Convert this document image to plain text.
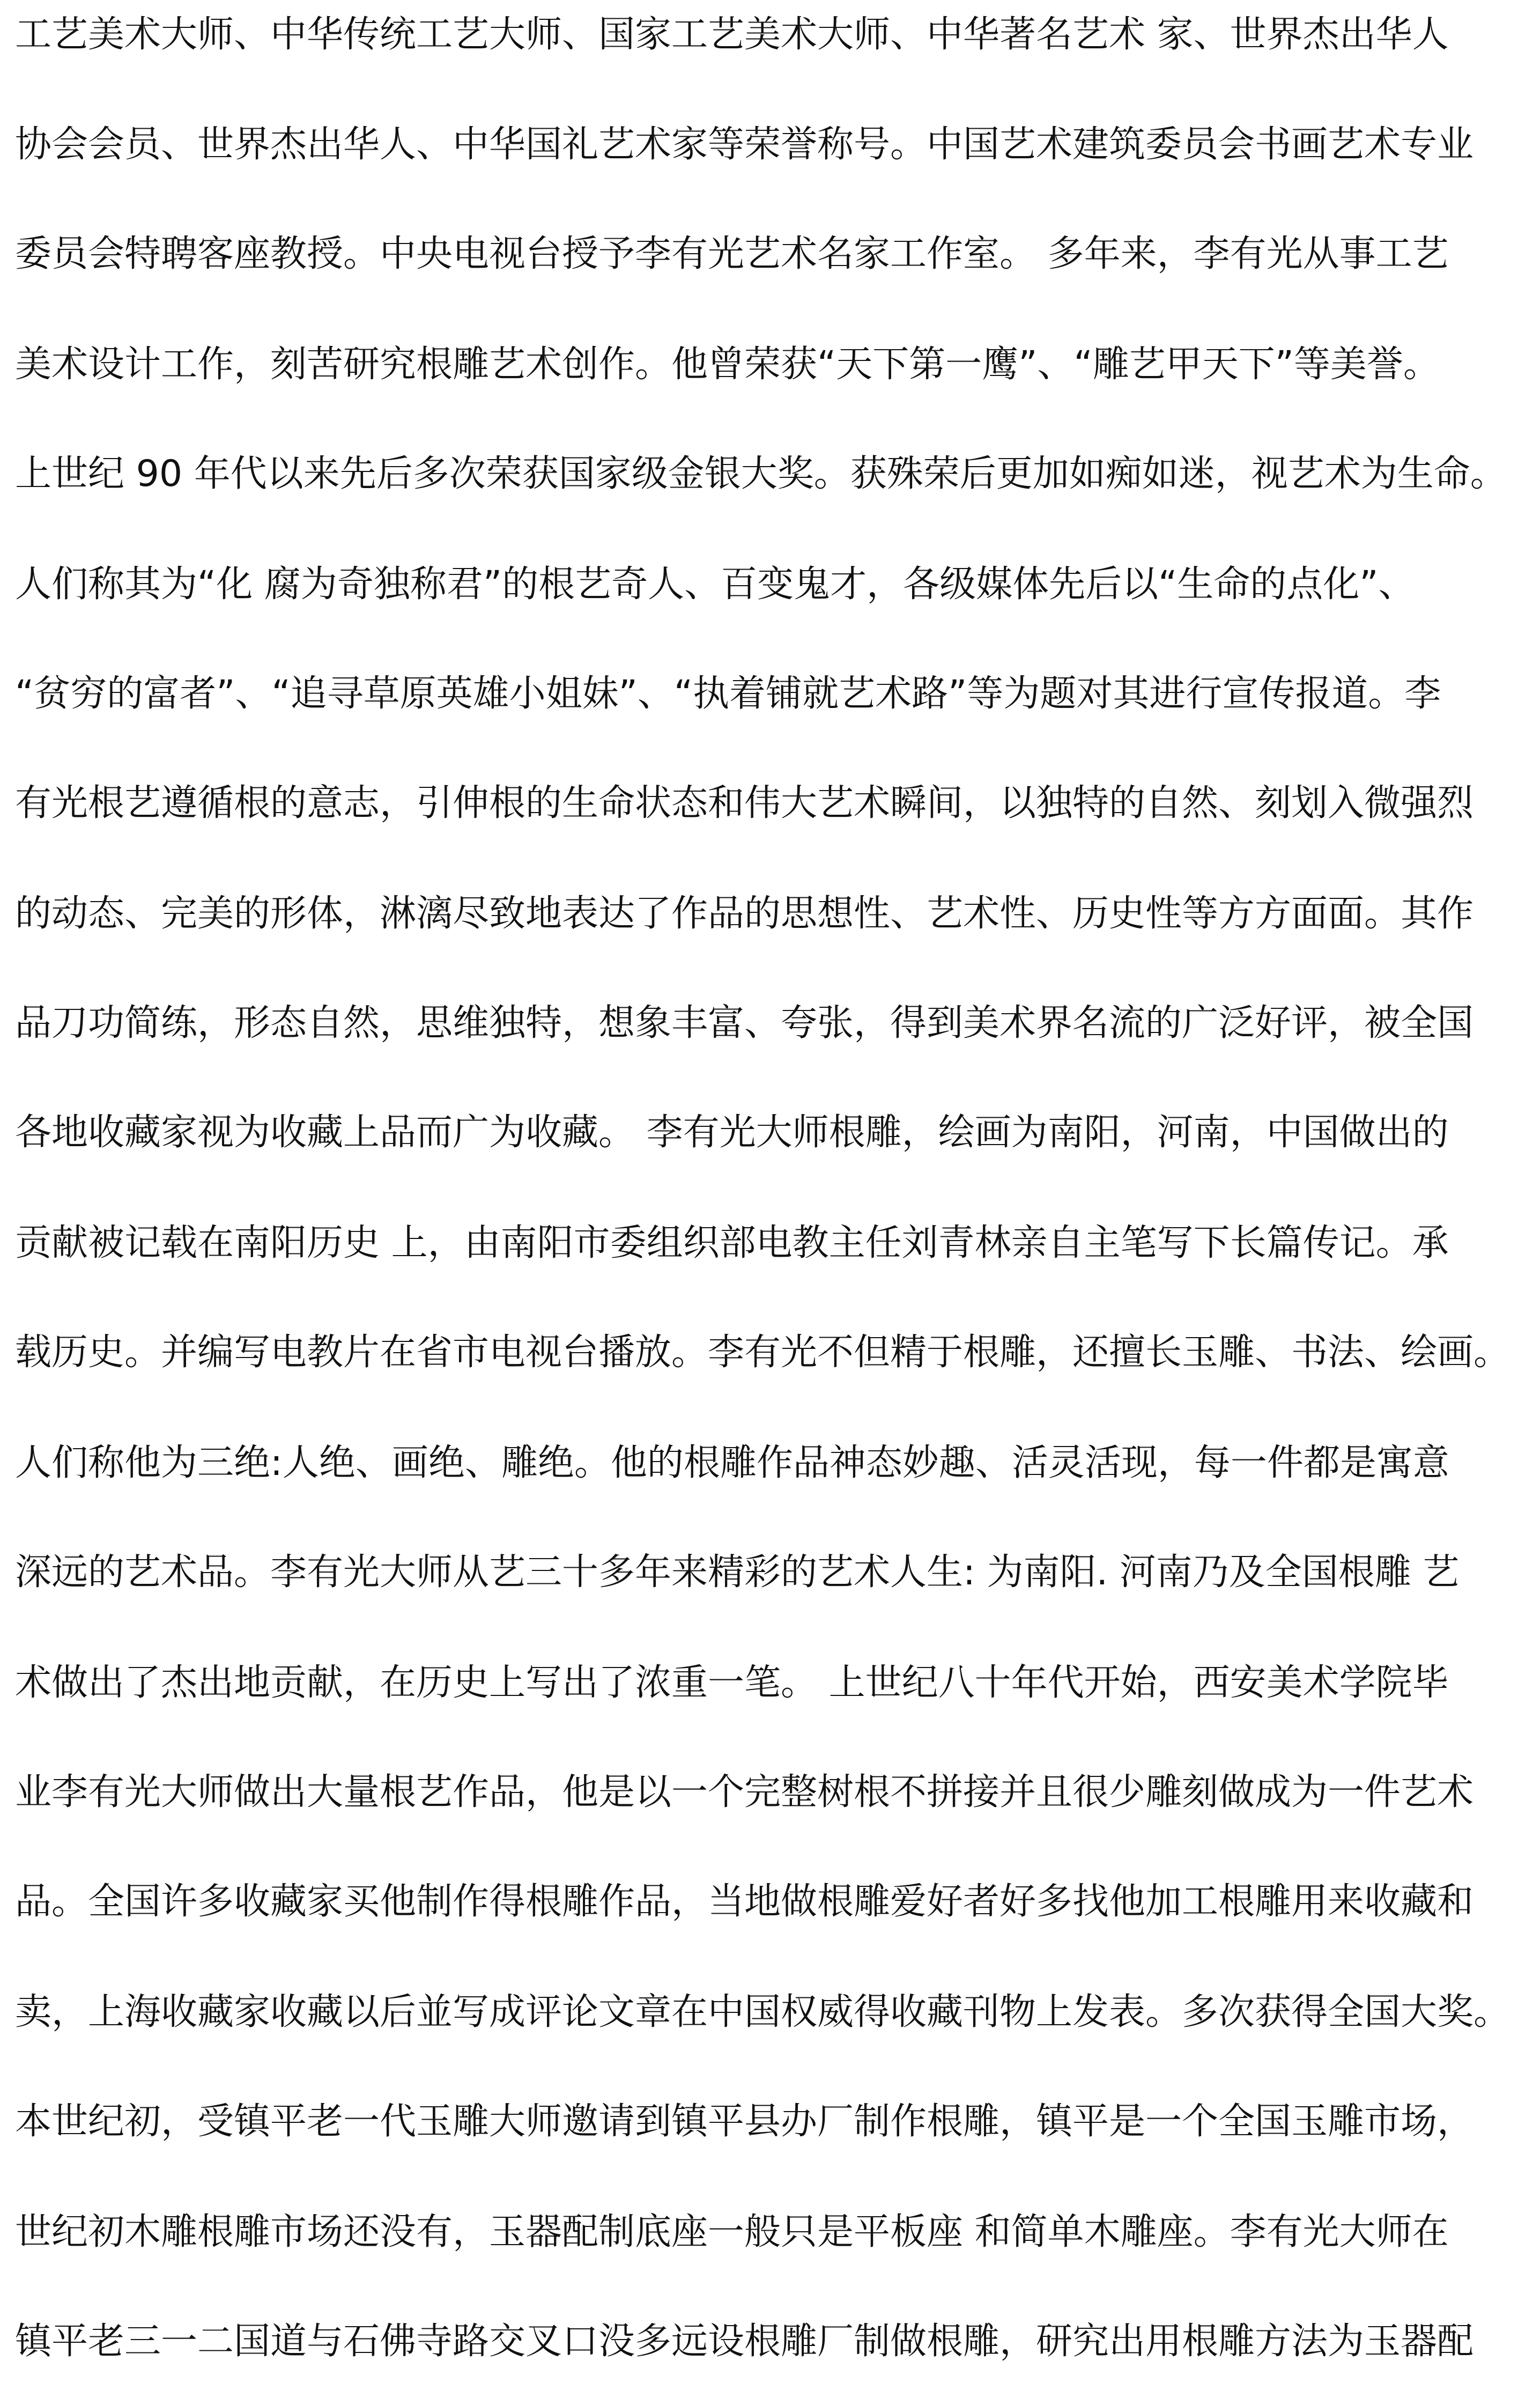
工艺美术大师、中华传统工艺大师、国家工艺美术大师、中华著名艺术 家、世界杰出华人
协会会员、世界杰出华人、中华国礼艺术家等荣誉称号。中国艺术建筑委员会书画艺术专业
委员会特聘客座教授。中央电视台授予李有光艺术名家工作室。 多年来，李有光从事工艺
美术设计工作，刻苦研究根雕艺术创作。他曾荣获“天下第一鹰”、“雕艺甲天下”等美誉。
上世纪 90 年代以来先后多次荣获国家级金银大奖。获殊荣后更加如痴如迷，视艺术为生命。
人们称其为“化 腐为奇独称君”的根艺奇人、百变鬼才，各级媒体先后以“生命的点化”、
“贫穷的富者”、“追寻草原英雄小姐妹”、“执着铺就艺术路”等为题对其进行宣传报道。李
有光根艺遵循根的意志，引伸根的生命状态和伟大艺术瞬间，以独特的自然、刻划入微强烈
的动态、完美的形体，淋漓尽致地表达了作品的思想性、艺术性、历史性等方方面面。其作
品刀功简练，形态自然，思维独特，想象丰富、夸张，得到美术界名流的广泛好评，被全国
各地收藏家视为收藏上品而广为收藏。 李有光大师根雕，绘画为南阳，河南，中国做出的
贡献被记载在南阳历史 上，由南阳市委组织部电教主任刘青林亲自主笔写下长篇传记。承
载历史。并编写电教片在省市电视台播放。李有光不但精于根雕，还擅长玉雕、书法、绘画。
人们称他为三绝:人绝、画绝、雕绝。他的根雕作品神态妙趣、活灵活现，每一件都是寓意
深远的艺术品。李有光大师从艺三十多年来精彩的艺术人生: 为南阳. 河南乃及全国根雕 艺
术做出了杰出地贡献，在历史上写出了浓重一笔。 上世纪八十年代开始，西安美术学院毕
业李有光大师做出大量根艺作品，他是以一个完整树根不拼接并且很少雕刻做成为一件艺术
品。全国许多收藏家买他制作得根雕作品，当地做根雕爱好者好多找他加工根雕用来收藏和
卖，上海收藏家收藏以后並写成评论文章在中国权威得收藏刊物上发表。多次获得全国大奖。
本世纪初，受镇平老一代玉雕大师邀请到镇平县办厂制作根雕，镇平是一个全国玉雕市场，
世纪初木雕根雕市场还没有，玉器配制底座一般只是平板座 和简单木雕座。李有光大师在
镇平老三一二国道与石佛寺路交叉口没多远设根雕厂制做根雕，研究出用根雕方法为玉器配
